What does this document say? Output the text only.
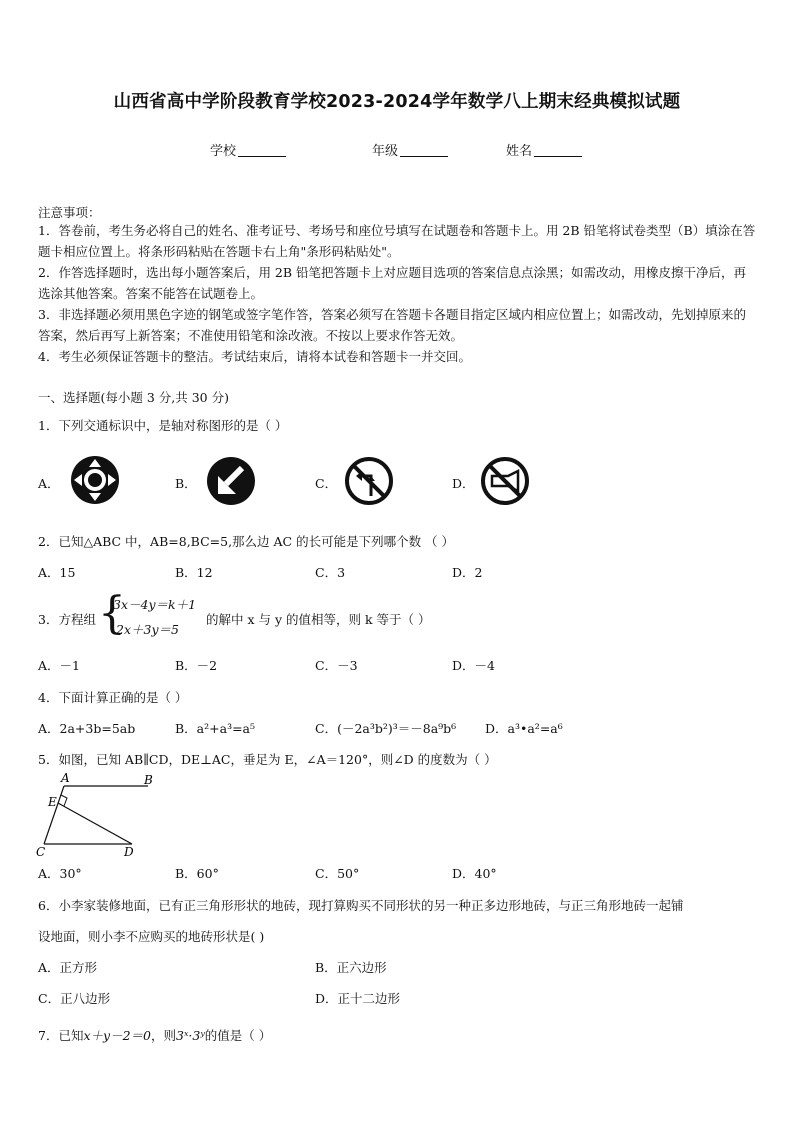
山西省高中学阶段教育学校2023-2024学年数学八上期末经典模拟试题
学校	年级	姓名
注意事项：
1．答卷前，考生务必将自己的姓名、准考证号、考场号和座位号填写在试题卷和答题卡上。用 2B 铅笔将试卷类型（B）填涂在答题卡相应位置上。将条形码粘贴在答题卡右上角"条形码粘贴处"。
2．作答选择题时，选出每小题答案后，用 2B 铅笔把答题卡上对应题目选项的答案信息点涂黑；如需改动，用橡皮擦干净后，再选涂其他答案。答案不能答在试题卷上。
3．非选择题必须用黑色字迹的钢笔或签字笔作答，答案必须写在答题卡各题目指定区域内相应位置上；如需改动，先划掉原来的答案，然后再写上新答案；不准使用铅笔和涂改液。不按以上要求作答无效。
4．考生必须保证答题卡的整洁。考试结束后，请将本试卷和答题卡一并交回。
一、选择题(每小题 3 分,共 30 分)
1．下列交通标识中，是轴对称图形的是（ ）
A．	B．	C．	D．
2．已知△ABC 中，AB=8,BC=5,那么边 AC 的长可能是下列哪个数 （ ）
A．15	B．12	C．3	D．2
3．方程组 {
3x－4y＝k＋1
2x＋3y＝5
的解中 x 与 y 的值相等，则 k 等于（ ）
A．－1	B．－2	C．－3	D．－4
4．下面计算正确的是（ ）
A．2a+3b=5ab	B．a²+a³=a⁵	C．(－2a³b²)³＝－8a⁹b⁶ D．a³•a²=a⁶
5．如图，已知 AB∥CD，DE⊥AC，垂足为 E，∠A＝120°，则∠D 的度数为（ ）
A	B
E
C	D
A．30°	B．60°	C．50°	D．40°
6．小李家装修地面，已有正三角形形状的地砖，现打算购买不同形状的另一种正多边形地砖，与正三角形地砖一起铺
设地面，则小李不应购买的地砖形状是( )
A．正方形	B．正六边形
C．正八边形	D．正十二边形
7．已知x＋y－2＝0，则3ˣ·3ʸ的值是（ ）
